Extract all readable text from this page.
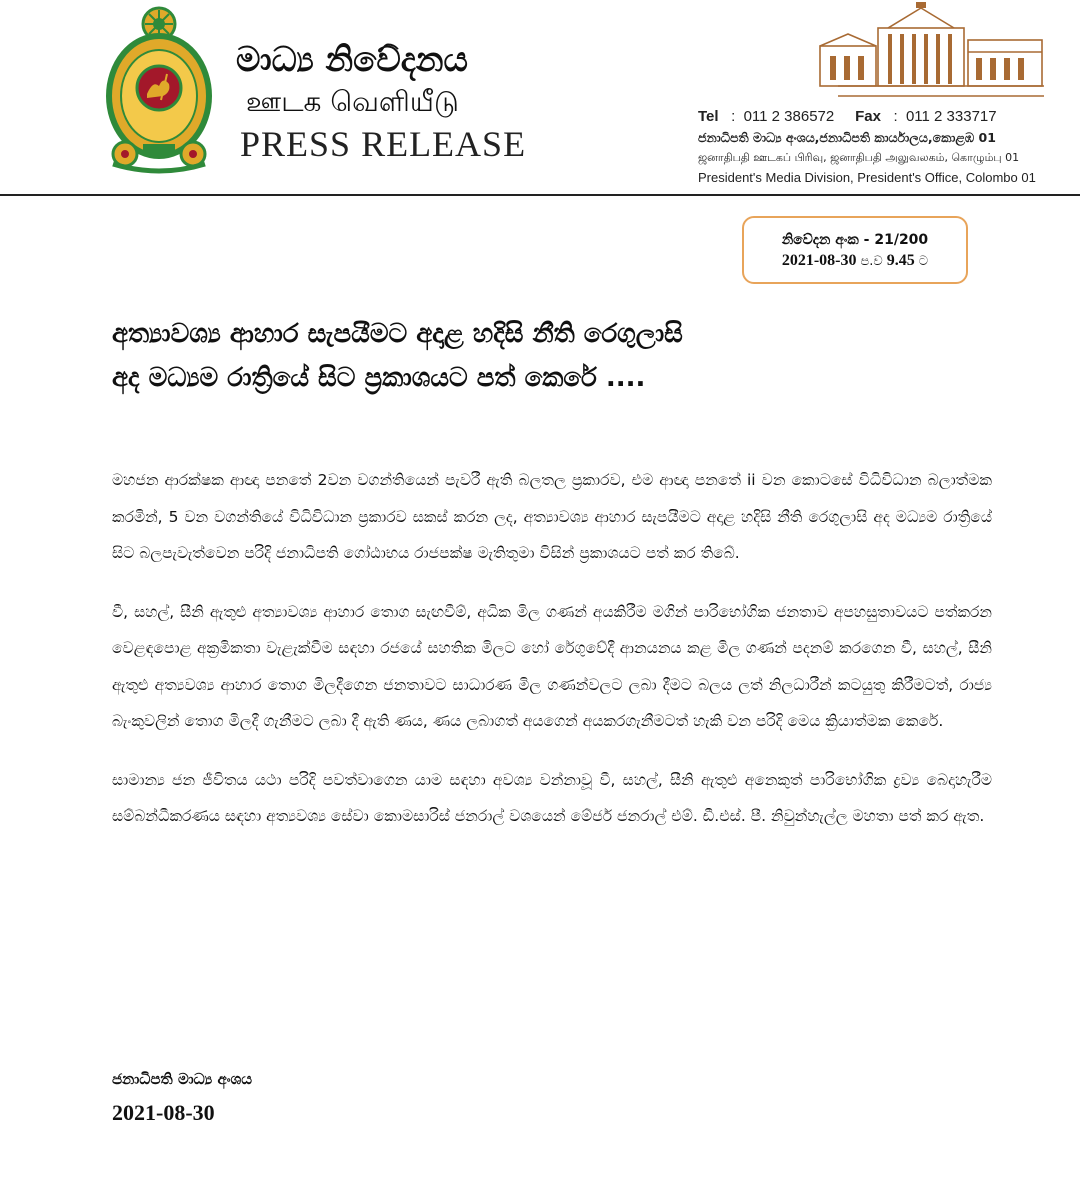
මාධ්‍ය නිවේදනය
ஊடக வெளியீடு
PRESS RELEASE
Tel   :  011 2 386572 Fax   :  011 2 333717
ජනාධිපති මාධ්‍ය අංශය,ජනාධිපති කාර්යාලය,කොළඹ 01
ஜனாதிபதி ஊடகப் பிரிவு, ஜனாதிபதி அலுவலகம், கொழும்பு 01
President's Media Division, President's Office, Colombo 01
නිවේදන අංක - 21/200
2021-08-30 ප.ව 9.45 ට
අත්‍යාවශ්‍ය ආහාර සැපයීමට අදාළ හදිසි නීති රෙගුලාසි
අද මධ්‍යම රාත්‍රියේ සිට ප්‍රකාශයට පත් කෙරේ ....

මහජන ආරක්ෂක ආඥා පනතේ 2වන වගන්තියෙන් පැවරී ඇති බලතල ප්‍රකාරව, එම ආඥා පනතේ ii වන කොටසේ විධිවිධාන බලාත්මක කරමින්, 5 වන වගන්තියේ විධිවිධාන ප්‍රකාරව සකස් කරන ලද, අත්‍යාවශ්‍ය ආහාර සැපයීමට අදාළ හදිසි නීති රෙගුලාසි අද මධ්‍යම රාත්‍රියේ සිට බලපැවැත්වෙන පරිදි ජනාධිපති ගෝඨාභය රාජපක්ෂ මැතිතුමා විසින් ප්‍රකාශයට පත් කර තිබේ.

වී, සහල්, සීනි ඇතුළු අත්‍යාවශ්‍ය ආහාර තොග සැඟවීම්, අධික මිල ගණන් අයකිරීම මගින් පාරිභෝගික ජනතාව අපහසුතාවයට පත්කරන වෙළඳපොළ අක්‍රමිකතා වැළැක්වීම සඳහා රජයේ සහතික මිලට හෝ රේගුවේදී ආනයනය කළ මිල ගණන් පදනම් කරගෙන වී, සහල්, සීනි ඇතුළු අත්‍යවශ්‍ය ආහාර තොග මිලදීගෙන ජනතාවට සාධාරණ මිල ගණන්වලට ලබා දීමට බලය ලත් නිලධාරීන් කටයුතු කිරීමටත්, රාජ්‍ය බැංකුවලින් තොග මිලදී ගැනීමට ලබා දී ඇති ණය, ණය ලබාගත් අයගෙන් අයකරගැනීමටත් හැකි වන පරිදි මෙය ක්‍රියාත්මක කෙරේ.

සාමාන්‍ය ජන ජීවිතය යථා පරිදි පවත්වාගෙන යාම සඳහා අවශ්‍ය වන්නාවූ වී, සහල්, සීනි ඇතුළු අනෙකුත් පාරිභෝගික ද්‍රව්‍ය බෙදාහැරීම සම්බන්ධීකරණය සඳහා අත්‍යවශ්‍ය සේවා කොමසාරිස් ජනරාල් වශයෙන් මේජර් ජනරාල් එම්. ඩී.එස්. පී. නිවුන්හැල්ල මහතා පත් කර ඇත.

ජනාධිපති මාධ්‍ය අංශය
2021-08-30
